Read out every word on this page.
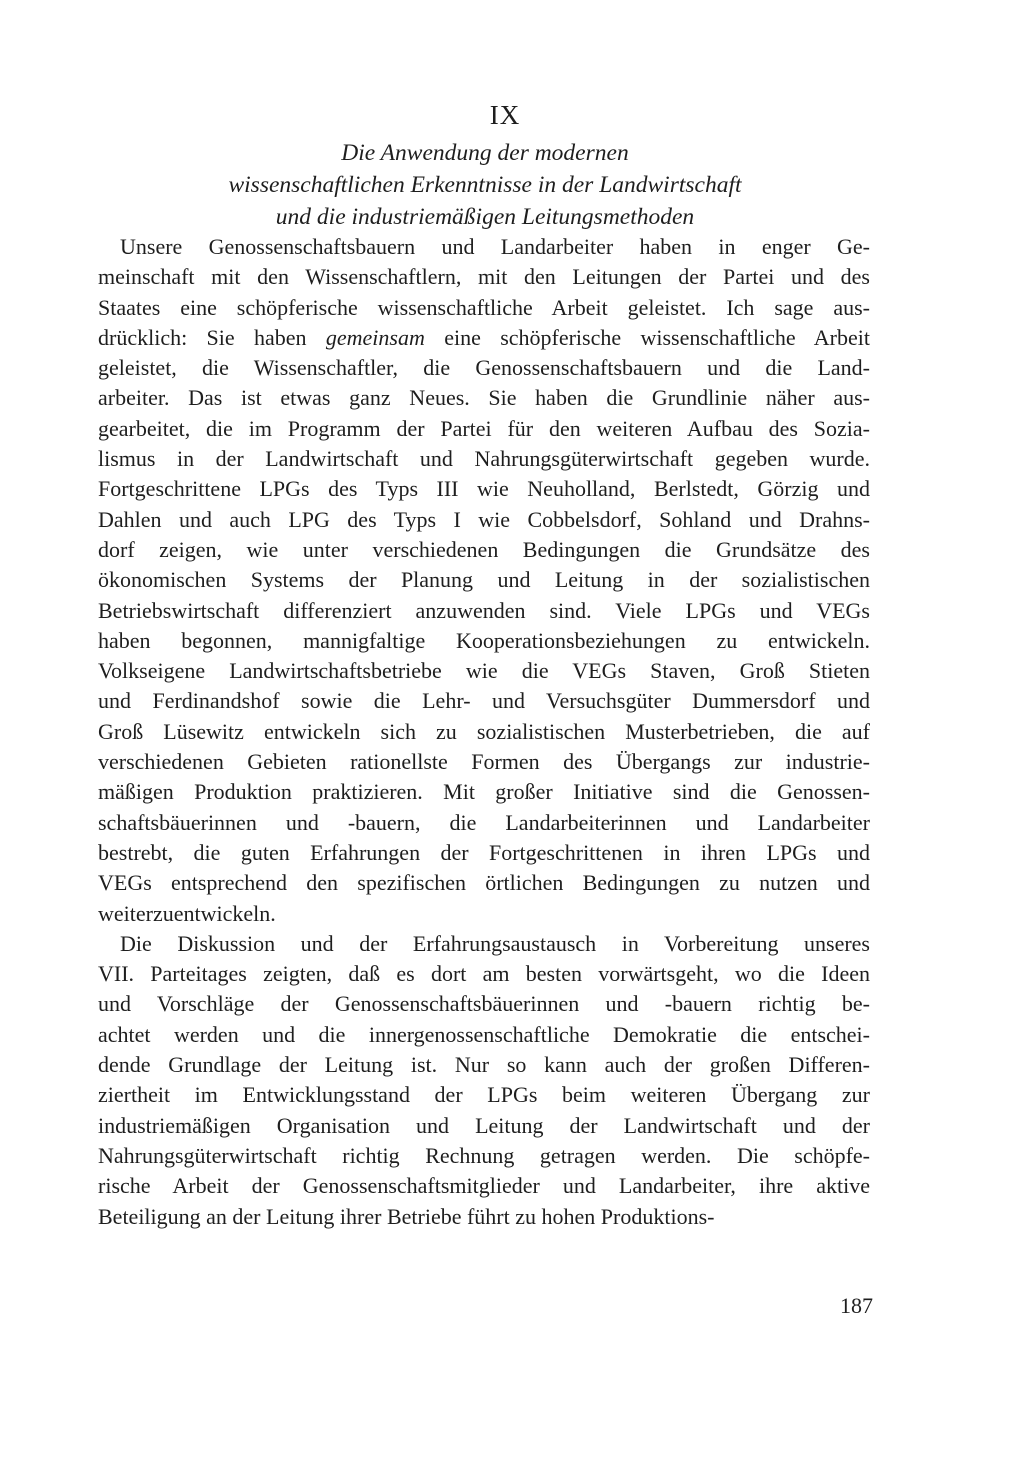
IX
Die Anwendung der modernen
wissenschaftlichen Erkenntnisse in der Landwirtschaft
und die industriemäßigen Leitungsmethoden
Unsere Genossenschaftsbauern und Landarbeiter haben in enger Ge-
meinschaft mit den Wissenschaftlern, mit den Leitungen der Partei und des
Staates eine schöpferische wissenschaftliche Arbeit geleistet. Ich sage aus-
drücklich: Sie haben gemeinsam eine schöpferische wissenschaftliche Arbeit
geleistet, die Wissenschaftler, die Genossenschaftsbauern und die Land-
arbeiter. Das ist etwas ganz Neues. Sie haben die Grundlinie näher aus-
gearbeitet, die im Programm der Partei für den weiteren Aufbau des Sozia-
lismus in der Landwirtschaft und Nahrungsgüterwirtschaft gegeben wurde.
Fortgeschrittene LPGs des Typs III wie Neuholland, Berlstedt, Görzig und
Dahlen und auch LPG des Typs I wie Cobbelsdorf, Sohland und Drahns-
dorf zeigen, wie unter verschiedenen Bedingungen die Grundsätze des
ökonomischen Systems der Planung und Leitung in der sozialistischen
Betriebswirtschaft differenziert anzuwenden sind. Viele LPGs und VEGs
haben begonnen, mannigfaltige Kooperationsbeziehungen zu entwickeln.
Volkseigene Landwirtschaftsbetriebe wie die VEGs Staven, Groß Stieten
und Ferdinandshof sowie die Lehr- und Versuchsgüter Dummersdorf und
Groß Lüsewitz entwickeln sich zu sozialistischen Musterbetrieben, die auf
verschiedenen Gebieten rationellste Formen des Übergangs zur industrie-
mäßigen Produktion praktizieren. Mit großer Initiative sind die Genossen-
schaftsbäuerinnen und -bauern, die Landarbeiterinnen und Landarbeiter
bestrebt, die guten Erfahrungen der Fortgeschrittenen in ihren LPGs und
VEGs entsprechend den spezifischen örtlichen Bedingungen zu nutzen und
weiterzuentwickeln.
Die Diskussion und der Erfahrungsaustausch in Vorbereitung unseres
VII. Parteitages zeigten, daß es dort am besten vorwärtsgeht, wo die Ideen
und Vorschläge der Genossenschaftsbäuerinnen und -bauern richtig be-
achtet werden und die innergenossenschaftliche Demokratie die entschei-
dende Grundlage der Leitung ist. Nur so kann auch der großen Differen-
ziertheit im Entwicklungsstand der LPGs beim weiteren Übergang zur
industriemäßigen Organisation und Leitung der Landwirtschaft und der
Nahrungsgüterwirtschaft richtig Rechnung getragen werden. Die schöpfe-
rische Arbeit der Genossenschaftsmitglieder und Landarbeiter, ihre aktive
Beteiligung an der Leitung ihrer Betriebe führt zu hohen Produktions-
187
